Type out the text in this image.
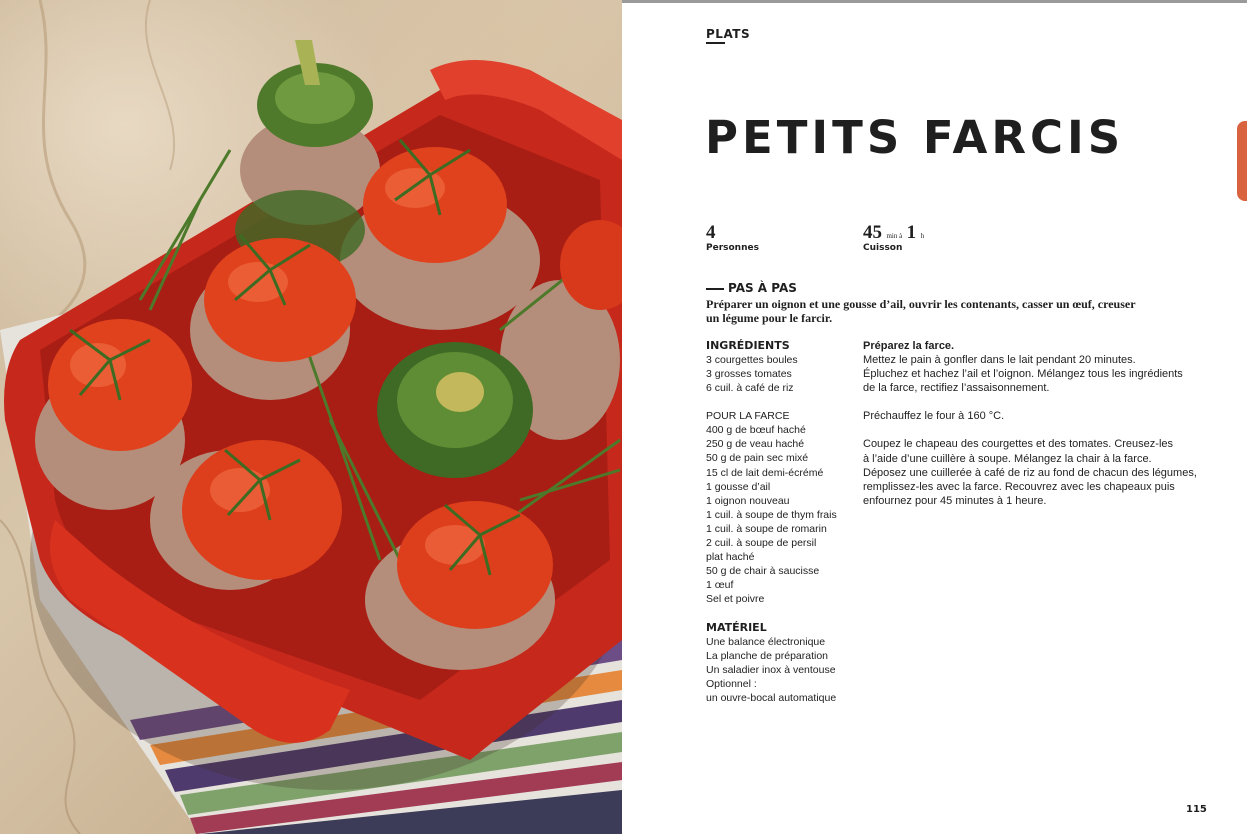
PLATS
PETITS FARCIS
4
Personnes
45 min à 1 h
Cuisson
PAS À PAS

Préparer un oignon et une gousse d’ail, ouvrir les contenants, casser un œuf, creuser
un légume pour le farcir.

INGRÉDIENTS
3 courgettes boules
3 grosses tomates
6 cuil. à café de riz
POUR LA FARCE
400 g de bœuf haché
250 g de veau haché
50 g de pain sec mixé
15 cl de lait demi-écrémé
1 gousse d’ail
1 oignon nouveau
1 cuil. à soupe de thym frais
1 cuil. à soupe de romarin
2 cuil. à soupe de persil
plat haché
50 g de chair à saucisse
1 œuf
Sel et poivre
MATÉRIEL
Une balance électronique
La planche de préparation
Un saladier inox à ventouse
Optionnel :
un ouvre-bocal automatique
Préparez la farce.
Mettez le pain à gonfler dans le lait pendant 20 minutes.
Épluchez et hachez l’ail et l’oignon. Mélangez tous les ingrédients
de la farce, rectifiez l’assaisonnement.
Préchauffez le four à 160 °C.
Coupez le chapeau des courgettes et des tomates. Creusez-les
à l’aide d’une cuillère à soupe. Mélangez la chair à la farce.
Déposez une cuillerée à café de riz au fond de chacun des légumes,
remplissez-les avec la farce. Recouvrez avec les chapeaux puis
enfournez pour 45 minutes à 1 heure.
115
